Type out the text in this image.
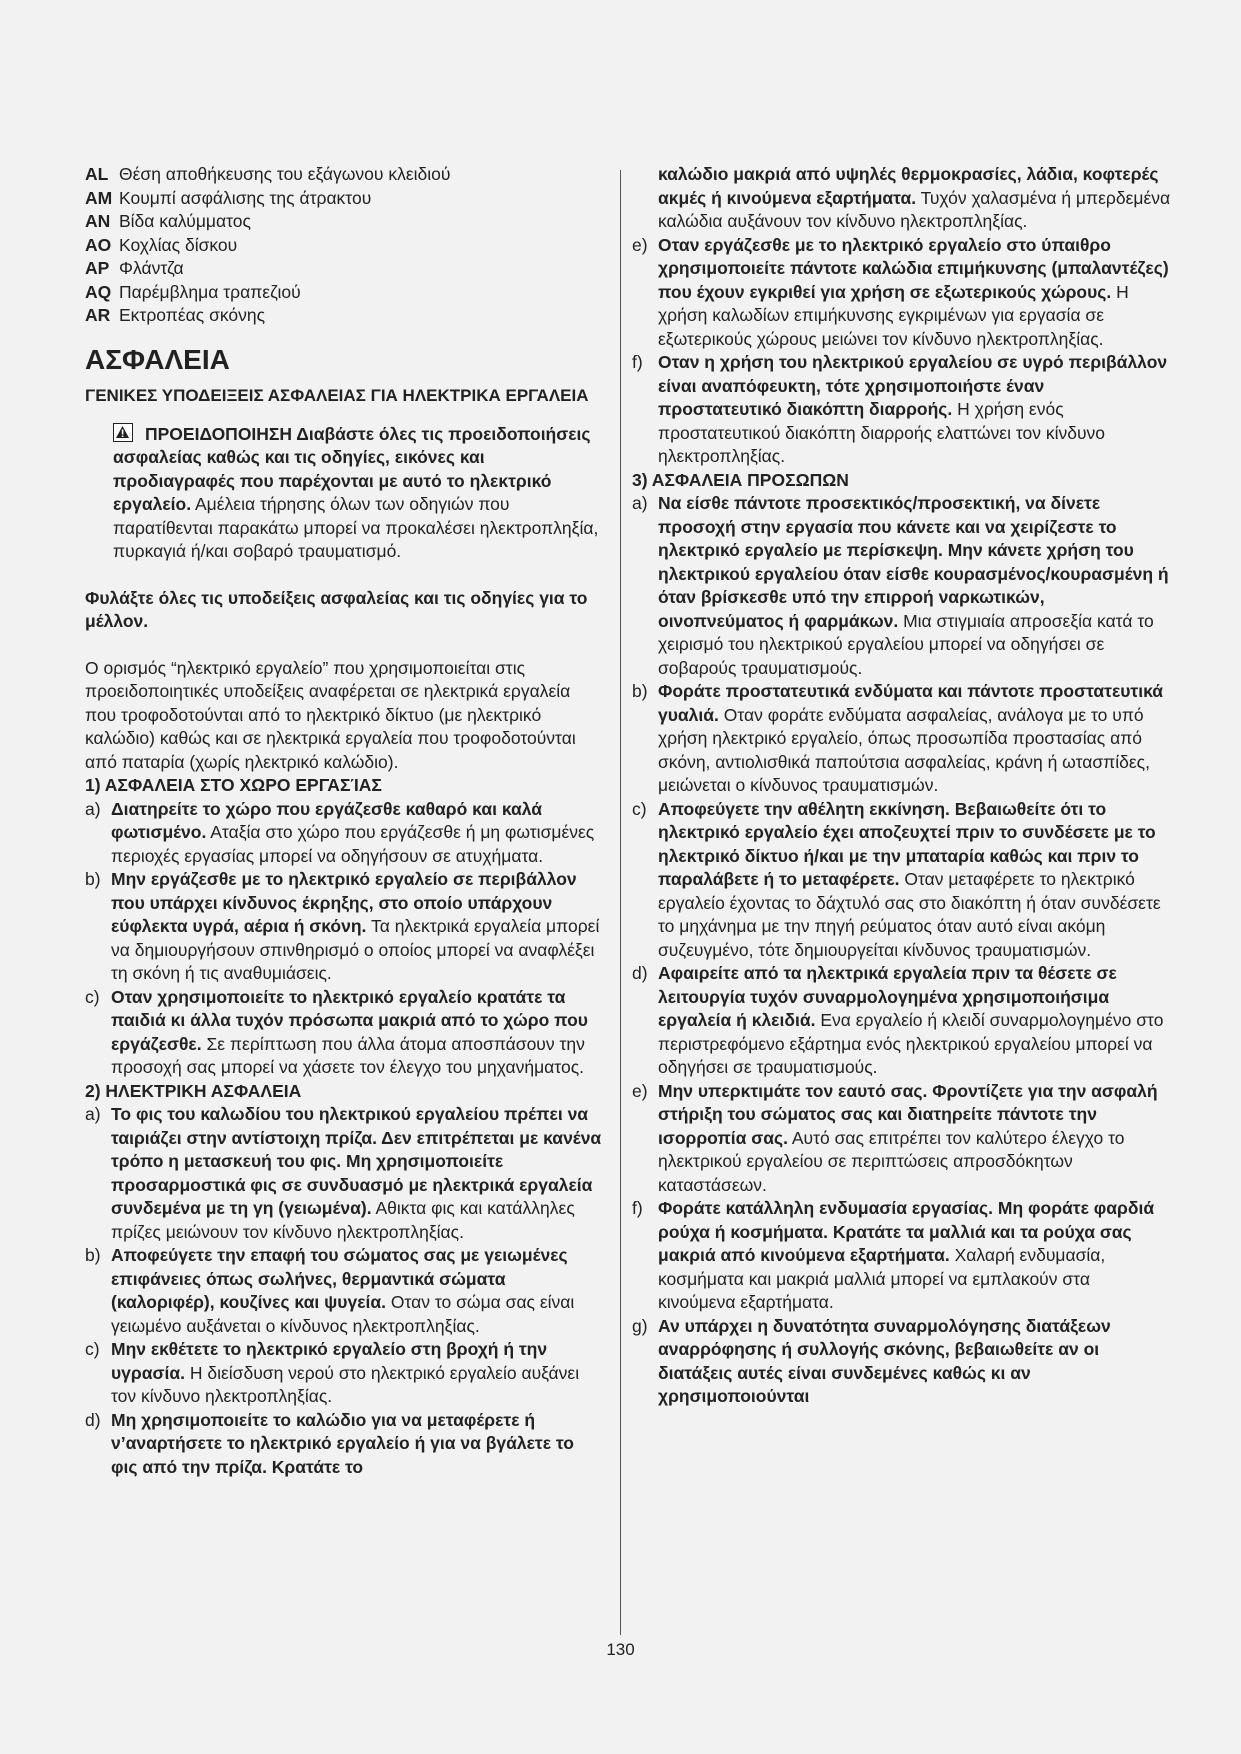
AL Θέση αποθήκευσης του εξάγωνου κλειδιού
AM Κουμπί ασφάλισης της άτρακτου
AN Βίδα καλύμματος
AO Κοχλίας δίσκου
AP Φλάντζα
AQ Παρέμβλημα τραπεζιού
AR Εκτροπέας σκόνης
ΑΣΦΑΛΕΙΑ
ΓΕΝΙΚΕΣ ΥΠΟΔΕΙΞΕΙΣ ΑΣΦΑΛΕΙΑΣ ΓΙΑ ΗΛΕΚΤΡΙΚΑ ΕΡΓΑΛΕΙΑ
ΠΡΟΕΙΔΟΠΟΙΗΣΗ Διαβάστε όλες τις προειδοποιήσεις ασφαλείας καθώς και τις οδηγίες, εικόνες και προδιαγραφές που παρέχονται με αυτό το ηλεκτρικό εργαλείο. Αμέλεια τήρησης όλων των οδηγιών που παρατίθενται παρακάτω μπορεί να προκαλέσει ηλεκτροπληξία, πυρκαγιά ή/και σοβαρό τραυματισμό.
Φυλάξτε όλες τις υποδείξεις ασφαλείας και τις οδηγίες για το μέλλον.
Ο ορισμός “ηλεκτρικό εργαλείο” που χρησιμοποιείται στις προειδοποιητικές υποδείξεις αναφέρεται σε ηλεκτρικά εργαλεία που τροφοδοτούνται από το ηλεκτρικό δίκτυο (με ηλεκτρικό καλώδιο) καθώς και σε ηλεκτρικά εργαλεία που τροφοδοτούνται από παταρία (χωρίς ηλεκτρικό καλώδιο).
1) ΑΣΦΑΛΕΙΑ ΣΤΟ ΧΩΡΟ ΕΡΓΑΣΊΑΣ
a) Διατηρείτε το χώρο που εργάζεσθε καθαρό και καλά φωτισμένο. Αταξία στο χώρο που εργάζεσθε ή μη φωτισμένες περιοχές εργασίας μπορεί να οδηγήσουν σε ατυχήματα.
b) Μην εργάζεσθε με το ηλεκτρικό εργαλείο σε περιβάλλον που υπάρχει κίνδυνος έκρηξης, στο οποίο υπάρχουν εύφλεκτα υγρά, αέρια ή σκόνη. Τα ηλεκτρικά εργαλεία μπορεί να δημιουργήσουν σπινθηρισμό ο οποίος μπορεί να αναφλέξει τη σκόνη ή τις αναθυμιάσεις.
c) Οταν χρησιμοποιείτε το ηλεκτρικό εργαλείο κρατάτε τα παιδιά κι άλλα τυχόν πρόσωπα μακριά από το χώρο που εργάζεσθε. Σε περίπτωση που άλλα άτομα αποσπάσουν την προσοχή σας μπορεί να χάσετε τον έλεγχο του μηχανήματος.
2) ΗΛΕΚΤΡΙΚΗ ΑΣΦΑΛΕΙΑ
a) Το φις του καλωδίου του ηλεκτρικού εργαλείου πρέπει να ταιριάζει στην αντίστοιχη πρίζα. Δεν επιτρέπεται με κανένα τρόπο η μετασκευή του φις. Μη χρησιμοποιείτε προσαρμοστικά φις σε συνδυασμό με ηλεκτρικά εργαλεία συνδεμένα με τη γη (γειωμένα). Αθικτα φις και κατάλληλες πρίζες μειώνουν τον κίνδυνο ηλεκτροπληξίας.
b) Αποφεύγετε την επαφή του σώματος σας με γειωμένες επιφάνειες όπως σωλήνες, θερμαντικά σώματα (καλοριφέρ), κουζίνες και ψυγεία. Οταν το σώμα σας είναι γειωμένο αυξάνεται ο κίνδυνος ηλεκτροπληξίας.
c) Μην εκθέτετε το ηλεκτρικό εργαλείο στη βροχή ή την υγρασία. Η διείσδυση νερού στο ηλεκτρικό εργαλείο αυξάνει τον κίνδυνο ηλεκτροπληξίας.
d) Μη χρησιμοποιείτε το καλώδιο για να μεταφέρετε ή ν’αναρτήσετε το ηλεκτρικό εργαλείο ή για να βγάλετε το φις από την πρίζα. Κρατάτε το
καλώδιο μακριά από υψηλές θερμοκρασίες, λάδια, κοφτερές ακμές ή κινούμενα εξαρτήματα. Τυχόν χαλασμένα ή μπερδεμένα καλώδια αυξάνουν τον κίνδυνο ηλεκτροπληξίας.
e) Οταν εργάζεσθε με το ηλεκτρικό εργαλείο στο ύπαιθρο χρησιμοποιείτε πάντοτε καλώδια επιμήκυνσης (μπαλαντέζες) που έχουν εγκριθεί για χρήση σε εξωτερικούς χώρους. Η χρήση καλωδίων επιμήκυνσης εγκριμένων για εργασία σε εξωτερικούς χώρους μειώνει τον κίνδυνο ηλεκτροπληξίας.
f) Οταν η χρήση του ηλεκτρικού εργαλείου σε υγρό περιβάλλον είναι αναπόφευκτη, τότε χρησιμοποιήστε έναν προστατευτικό διακόπτη διαρροής. Η χρήση ενός προστατευτικού διακόπτη διαρροής ελαττώνει τον κίνδυνο ηλεκτροπληξίας.
3) ΑΣΦΑΛΕΙΑ ΠΡΟΣΩΠΩΝ
a) Να είσθε πάντοτε προσεκτικός/προσεκτική, να δίνετε προσοχή στην εργασία που κάνετε και να χειρίζεστε το ηλεκτρικό εργαλείο με περίσκεψη. Μην κάνετε χρήση του ηλεκτρικού εργαλείου όταν είσθε κουρασμένος/κουρασμένη ή όταν βρίσκεσθε υπό την επιρροή ναρκωτικών, οινοπνεύματος ή φαρμάκων. Μια στιγμιαία απροσεξία κατά το χειρισμό του ηλεκτρικού εργαλείου μπορεί να οδηγήσει σε σοβαρούς τραυματισμούς.
b) Φοράτε προστατευτικά ενδύματα και πάντοτε προστατευτικά γυαλιά. Οταν φοράτε ενδύματα ασφαλείας, ανάλογα με το υπό χρήση ηλεκτρικό εργαλείο, όπως προσωπίδα προστασίας από σκόνη, αντιολισθικά παπούτσια ασφαλείας, κράνη ή ωτασπίδες, μειώνεται ο κίνδυνος τραυματισμών.
c) Αποφεύγετε την αθέλητη εκκίνηση. Βεβαιωθείτε ότι το ηλεκτρικό εργαλείο έχει αποζευχτεί πριν το συνδέσετε με το ηλεκτρικό δίκτυο ή/και με την μπαταρία καθώς και πριν το παραλάβετε ή το μεταφέρετε. Οταν μεταφέρετε το ηλεκτρικό εργαλείο έχοντας το δάχτυλό σας στο διακόπτη ή όταν συνδέσετε το μηχάνημα με την πηγή ρεύματος όταν αυτό είναι ακόμη συζευγμένο, τότε δημιουργείται κίνδυνος τραυματισμών.
d) Αφαιρείτε από τα ηλεκτρικά εργαλεία πριν τα θέσετε σε λειτουργία τυχόν συναρμολογημένα χρησιμοποιήσιμα εργαλεία ή κλειδιά. Ενα εργαλείο ή κλειδί συναρμολογημένο στο περιστρεφόμενο εξάρτημα ενός ηλεκτρικού εργαλείου μπορεί να οδηγήσει σε τραυματισμούς.
e) Μην υπερκτιμάτε τον εαυτό σας. Φροντίζετε για την ασφαλή στήριξη του σώματος σας και διατηρείτε πάντοτε την ισορροπία σας. Αυτό σας επιτρέπει τον καλύτερο έλεγχο το ηλεκτρικού εργαλείου σε περιπτώσεις απροσδόκητων καταστάσεων.
f) Φοράτε κατάλληλη ενδυμασία εργασίας. Μη φοράτε φαρδιά ρούχα ή κοσμήματα. Κρατάτε τα μαλλιά και τα ρούχα σας μακριά από κινούμενα εξαρτήματα. Χαλαρή ενδυμασία, κοσμήματα και μακριά μαλλιά μπορεί να εμπλακούν στα κινούμενα εξαρτήματα.
g) Αν υπάρχει η δυνατότητα συναρμολόγησης διατάξεων αναρρόφησης ή συλλογής σκόνης, βεβαιωθείτε αν οι διατάξεις αυτές είναι συνδεμένες καθώς κι αν χρησιμοποιούνται
130
